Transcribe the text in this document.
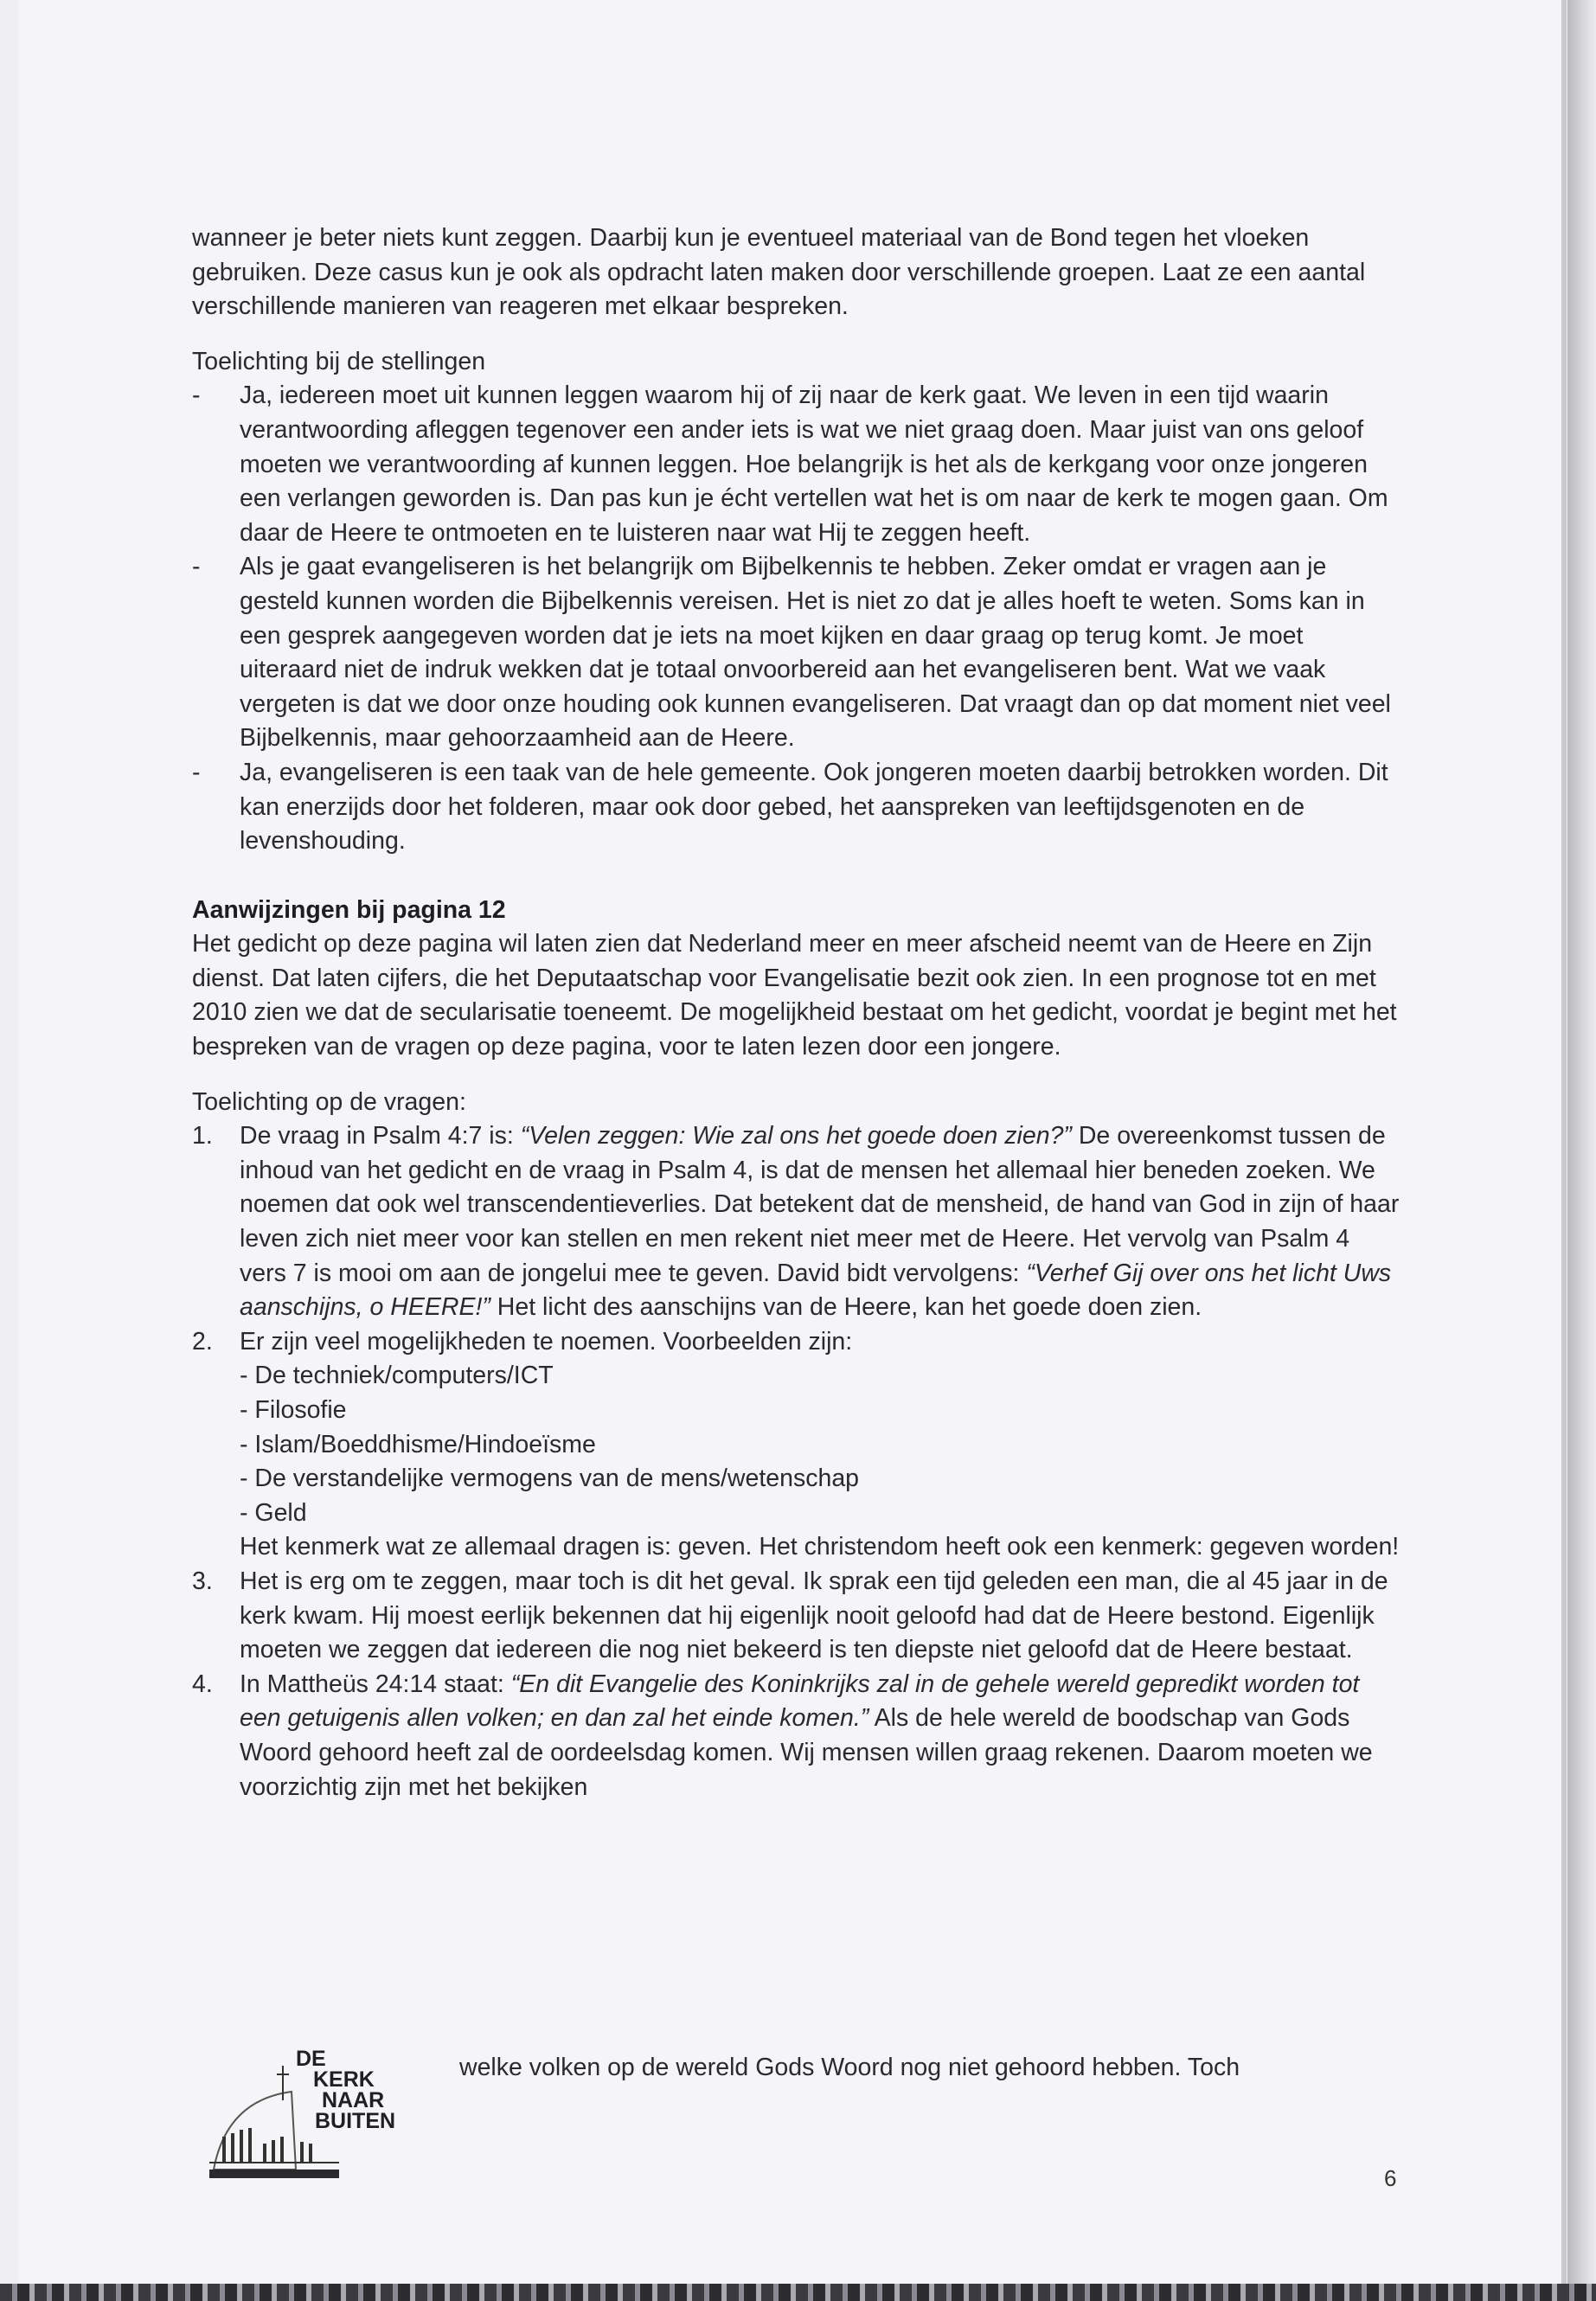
wanneer je beter niets kunt zeggen. Daarbij kun je eventueel materiaal van de Bond tegen het vloeken gebruiken. Deze casus kun je ook als opdracht laten maken door verschillende groepen. Laat ze een aantal verschillende manieren van reageren met elkaar bespreken.

Toelichting bij de stellingen

-	Ja, iedereen moet uit kunnen leggen waarom hij of zij naar de kerk gaat. We leven in een tijd waarin verantwoording afleggen tegenover een ander iets is wat we niet graag doen. Maar juist van ons geloof moeten we verantwoording af kunnen leggen. Hoe belangrijk is het als de kerkgang voor onze jongeren een verlangen geworden is. Dan pas kun je écht vertellen wat het is om naar de kerk te mogen gaan. Om daar de Heere te ontmoeten en te luisteren naar wat Hij te zeggen heeft.
-	Als je gaat evangeliseren is het belangrijk om Bijbelkennis te hebben. Zeker omdat er vragen aan je gesteld kunnen worden die Bijbelkennis vereisen. Het is niet zo dat je alles hoeft te weten. Soms kan in een gesprek aangegeven worden dat je iets na moet kijken en daar graag op terug komt. Je moet uiteraard niet de indruk wekken dat je totaal onvoorbereid aan het evangeliseren bent. Wat we vaak vergeten is dat we door onze houding ook kunnen evangeliseren. Dat vraagt dan op dat moment niet veel Bijbelkennis, maar gehoorzaamheid aan de Heere.
-	Ja, evangeliseren is een taak van de hele gemeente. Ook jongeren moeten daarbij betrokken worden. Dit kan enerzijds door het folderen, maar ook door gebed, het aanspreken van leeftijdsgenoten en de levenshouding.

Aanwijzingen bij pagina 12

Het gedicht op deze pagina wil laten zien dat Nederland meer en meer afscheid neemt van de Heere en Zijn dienst. Dat laten cijfers, die het Deputaatschap voor Evangelisatie bezit ook zien. In een prognose tot en met 2010 zien we dat de secularisatie toeneemt. De mogelijkheid bestaat om het gedicht, voordat je begint met het bespreken van de vragen op deze pagina, voor te laten lezen door een jongere.

Toelichting op de vragen:

1.	De vraag in Psalm 4:7 is: “Velen zeggen: Wie zal ons het goede doen zien?” De overeenkomst tussen de inhoud van het gedicht en de vraag in Psalm 4, is dat de mensen het allemaal hier beneden zoeken. We noemen dat ook wel transcendentieverlies. Dat betekent dat de mensheid, de hand van God in zijn of haar leven zich niet meer voor kan stellen en men rekent niet meer met de Heere. Het vervolg van Psalm 4 vers 7 is mooi om aan de jongelui mee te geven. David bidt vervolgens: “Verhef Gij over ons het licht Uws aanschijns, o HEERE!” Het licht des aanschijns van de Heere, kan het goede doen zien.
2.	Er zijn veel mogelijkheden te noemen. Voorbeelden zijn:
- De techniek/computers/ICT
- Filosofie
- Islam/Boeddhisme/Hindoeïsme
- De verstandelijke vermogens van de mens/wetenschap
- Geld
Het kenmerk wat ze allemaal dragen is: geven. Het christendom heeft ook een kenmerk: gegeven worden!
3.	Het is erg om te zeggen, maar toch is dit het geval. Ik sprak een tijd geleden een man, die al 45 jaar in de kerk kwam. Hij moest eerlijk bekennen dat hij eigenlijk nooit geloofd had dat de Heere bestond. Eigenlijk moeten we zeggen dat iedereen die nog niet bekeerd is ten diepste niet geloofd dat de Heere bestaat.
4.	In Mattheüs 24:14 staat: “En dit Evangelie des Koninkrijks zal in de gehele wereld gepredikt worden tot een getuigenis allen volken; en dan zal het einde komen.” Als de hele wereld de boodschap van Gods Woord gehoord heeft zal de oordeelsdag komen. Wij mensen willen graag rekenen. Daarom moeten we voorzichtig zijn met het bekijken
welke volken op de wereld Gods Woord nog niet gehoord hebben. Toch
DE
KERK
NAAR
BUITEN
6
